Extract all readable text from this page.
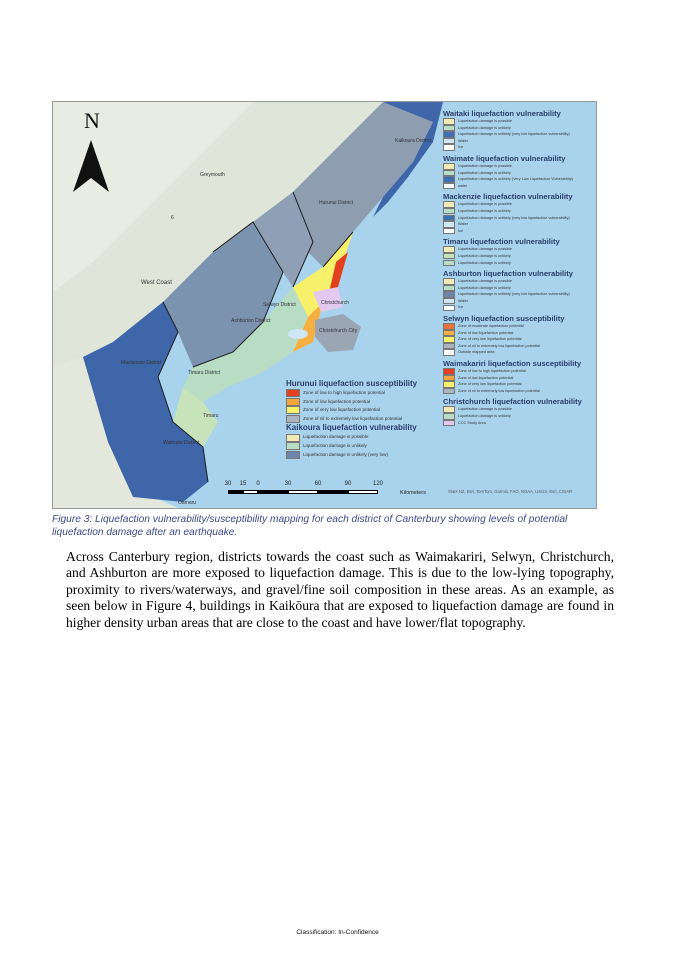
N
Kaikoura District
Greymouth
Hurunui District
Christchurch
Christchurch City
West Coast
Ashburton District
Selwyn District
Timaru District
Mackenzie District
Waimate District
Timaru
Oamaru
6
Waitaki liquefaction vulnerability
Liquefaction damage is possible
Liquefaction damage is unlikely
Liquefaction damage is unlikely (very low liquefaction vulnerability)
Water
Ice
Waimate liquefaction vulnerability
Liquefaction damage is possible
Liquefaction damage is unlikely
Liquefaction damage is unlikely (Very Low Liquefaction Vulnerability)
water
Mackenzie liquefaction vulnerability
Liquefaction damage is possible
Liquefaction damage is unlikely
Liquefaction damage is unlikely (very low liquefaction vulnerability)
Water
Ice
Timaru liquefaction vulnerability
Liquefaction damage is possible
Liquefaction damage is unlikely
Liquefaction damage is unlikely
Ashburton liquefaction vulnerability
Liquefaction damage is possible
Liquefaction damage is unlikely
Liquefaction damage is unlikely (very low liquefaction vulnerability)
Water
Ice
Selwyn liquefaction susceptibility
Zone of moderate liquefaction potential
Zone of low liquefaction potential
Zone of very low liquefaction potential
Zone of nil to extremely low liquefaction potential
Outside mapped area
Waimakariri liquefaction susceptibility
Zone of low to high liquefaction potential
Zone of low liquefaction potential
Zone of very low liquefaction potential
Zone of nil to extremely low liquefaction potential
Christchurch liquefaction vulnerability
Liquefaction damage is possible
Liquefaction damage is unlikely
CCC Study Area
Hurunui liquefaction susceptibility
Zone of low to high liquefaction potential
Zone of low liquefaction potential
Zone of very low liquefaction potential
Zone of nil to extremely low liquefaction potential
Kaikoura liquefaction vulnerability
Liquefaction damage is possible
Liquefaction damage is unlikely
Liquefaction damage is unlikely (very low)
30 15 0	30	60	90	120
Kilometers	Stats NZ, Esri, TomTom, Garmin, FAO, NOAA, USGS, Esri, CGIAR
Figure 3: Liquefaction vulnerability/susceptibility mapping for each district of Canterbury showing levels of potential liquefaction damage after an earthquake.
Across Canterbury region, districts towards the coast such as Waimakariri, Selwyn, Christchurch, and Ashburton are more exposed to liquefaction damage. This is due to the low-lying topography, proximity to rivers/waterways, and gravel/fine soil composition in these areas. As an example, as seen below in Figure 4, buildings in Kaikōura that are exposed to liquefaction damage are found in higher density urban areas that are close to the coast and have lower/flat topography.
Classification: In-Confidence
